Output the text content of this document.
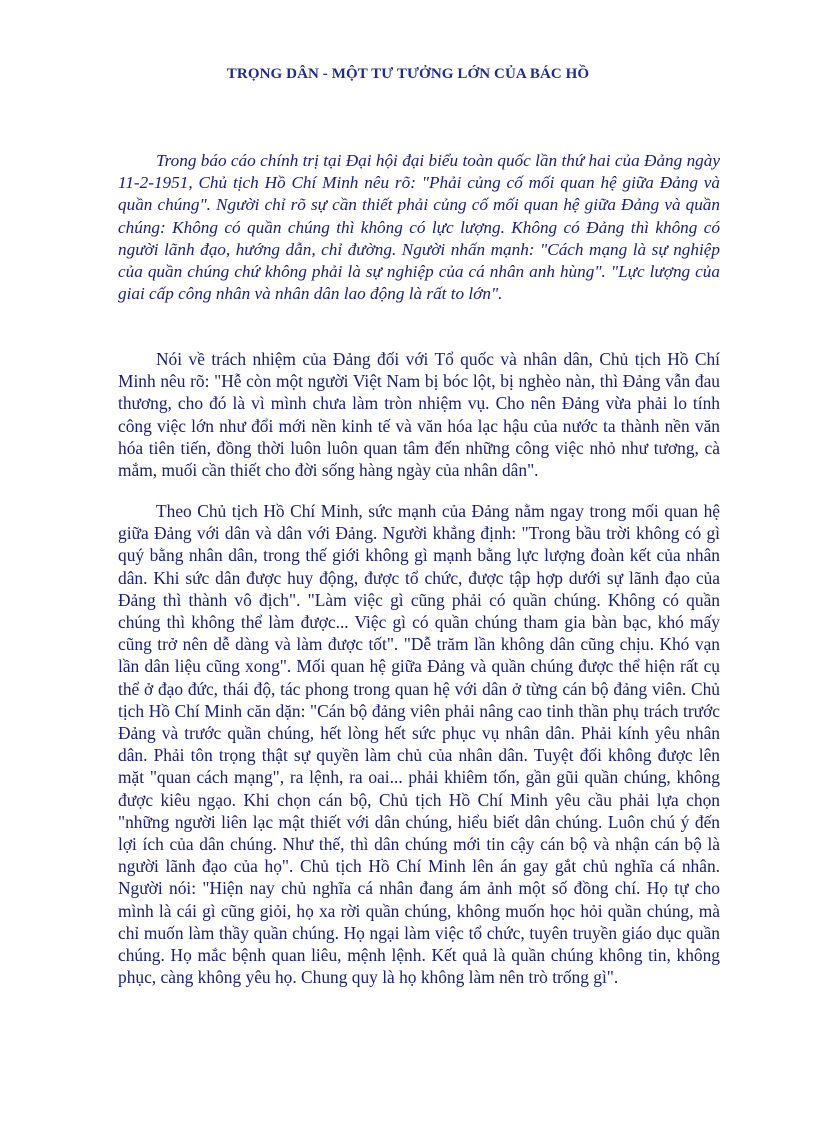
TRỌNG DÂN - MỘT TƯ TƯỞNG LỚN CỦA BÁC HỒ

Trong báo cáo chính trị tại Đại hội đại biểu toàn quốc lần thứ hai của Đảng ngày 11-2-1951, Chủ tịch Hồ Chí Minh nêu rõ: "Phải củng cố mối quan hệ giữa Đảng và quần chúng". Người chỉ rõ sự cần thiết phải củng cố mối quan hệ giữa Đảng và quần chúng: Không có quần chúng thì không có lực lượng. Không có Đảng thì không có người lãnh đạo, hướng dẫn, chỉ đường. Người nhấn mạnh: "Cách mạng là sự nghiệp của quần chúng chứ không phải là sự nghiệp của cá nhân anh hùng". "Lực lượng của giai cấp công nhân và nhân dân lao động là rất to lớn".

Nói về trách nhiệm của Đảng đối với Tổ quốc và nhân dân, Chủ tịch Hồ Chí Minh nêu rõ: "Hễ còn một người Việt Nam bị bóc lột, bị nghèo nàn, thì Đảng vẫn đau thương, cho đó là vì mình chưa làm tròn nhiệm vụ. Cho nên Đảng vừa phải lo tính công việc lớn như đổi mới nền kinh tế và văn hóa lạc hậu của nước ta thành nền văn hóa tiên tiến, đồng thời luôn luôn quan tâm đến những công việc nhỏ như tương, cà mắm, muối cần thiết cho đời sống hàng ngày của nhân dân".

Theo Chủ tịch Hồ Chí Minh, sức mạnh của Đảng nằm ngay trong mối quan hệ giữa Đảng với dân và dân với Đảng. Người khẳng định: "Trong bầu trời không có gì quý bằng nhân dân, trong thế giới không gì mạnh bằng lực lượng đoàn kết của nhân dân. Khi sức dân được huy động, được tổ chức, được tập hợp dưới sự lãnh đạo của Đảng thì thành vô địch". "Làm việc gì cũng phải có quần chúng. Không có quần chúng thì không thể làm được... Việc gì có quần chúng tham gia bàn bạc, khó mấy cũng trở nên dễ dàng và làm được tốt". "Dễ trăm lần không dân cũng chịu. Khó vạn lần dân liệu cũng xong". Mối quan hệ giữa Đảng và quần chúng được thể hiện rất cụ thể ở đạo đức, thái độ, tác phong trong quan hệ với dân ở từng cán bộ đảng viên. Chủ tịch Hồ Chí Minh căn dặn: "Cán bộ đảng viên phải nâng cao tinh thần phụ trách trước Đảng và trước quần chúng, hết lòng hết sức phục vụ nhân dân. Phải kính yêu nhân dân. Phải tôn trọng thật sự quyền làm chủ của nhân dân. Tuyệt đối không được lên mặt "quan cách mạng", ra lệnh, ra oai... phải khiêm tốn, gần gũi quần chúng, không được kiêu ngạo. Khi chọn cán bộ, Chủ tịch Hồ Chí Minh yêu cầu phải lựa chọn "những người liên lạc mật thiết với dân chúng, hiểu biết dân chúng. Luôn chú ý đến lợi ích của dân chúng. Như thế, thì dân chúng mới tin cậy cán bộ và nhận cán bộ là người lãnh đạo của họ". Chủ tịch Hồ Chí Minh lên án gay gắt chủ nghĩa cá nhân. Người nói: "Hiện nay chủ nghĩa cá nhân đang ám ảnh một số đồng chí. Họ tự cho mình là cái gì cũng giỏi, họ xa rời quần chúng, không muốn học hỏi quần chúng, mà chỉ muốn làm thầy quần chúng. Họ ngại làm việc tổ chức, tuyên truyền giáo dục quần chúng. Họ mắc bệnh quan liêu, mệnh lệnh. Kết quả là quần chúng không tin, không phục, càng không yêu họ. Chung quy là họ không làm nên trò trống gì".
